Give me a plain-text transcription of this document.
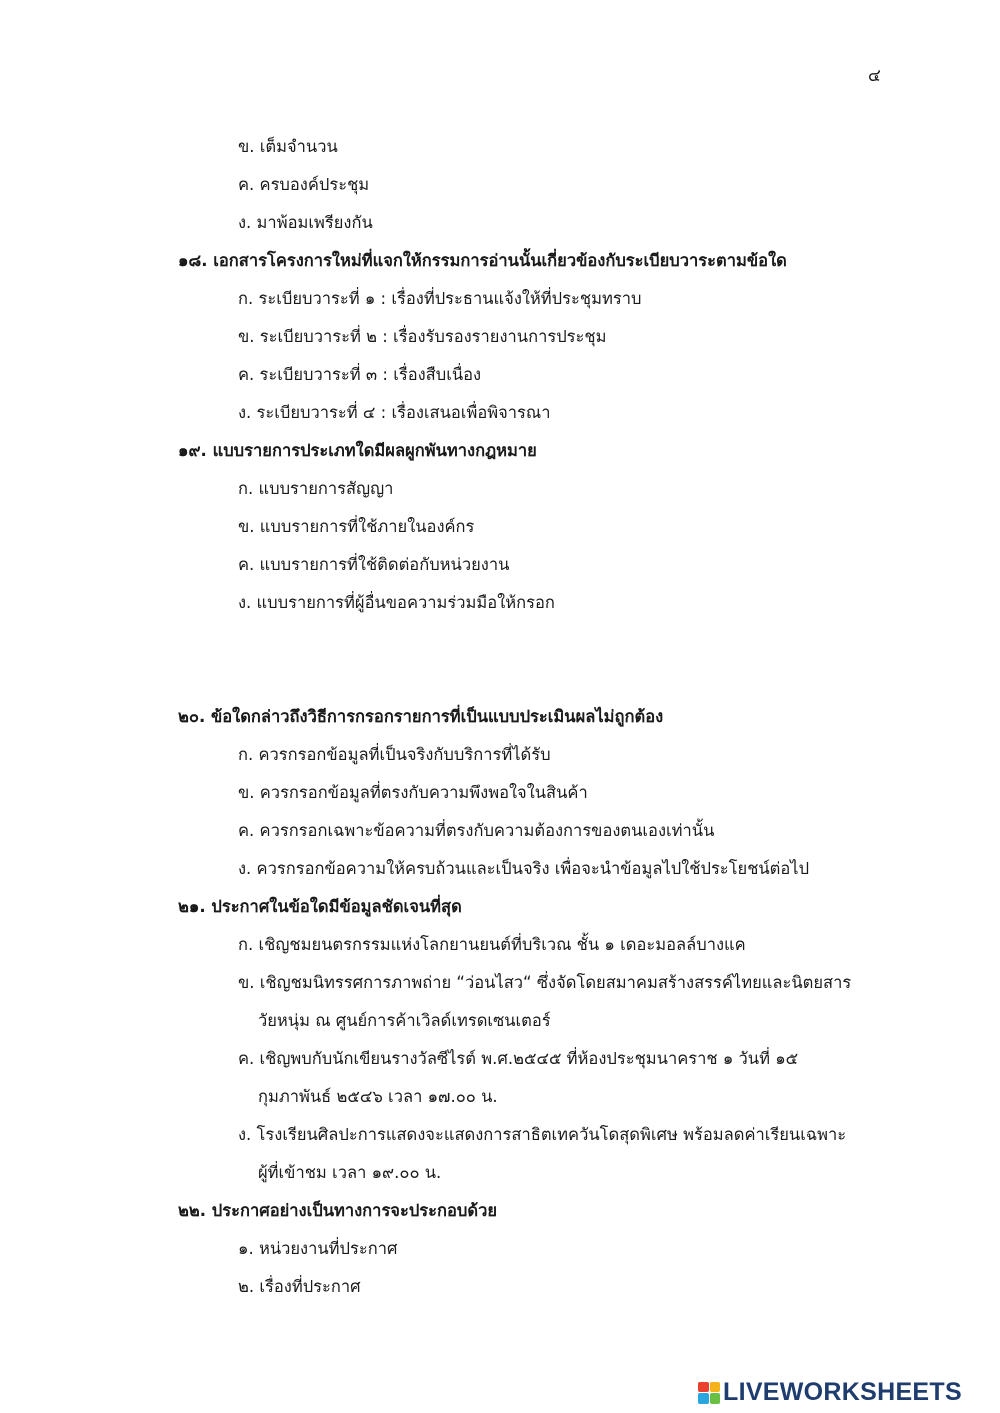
๔
ข. เต็มจำนวน
ค. ครบองค์ประชุม
ง. มาพ้อมเพรียงกัน
๑๘. เอกสารโครงการใหม่ที่แจกให้กรรมการอ่านนั้นเกี่ยวข้องกับระเบียบวาระตามข้อใด
ก. ระเบียบวาระที่ ๑ : เรื่องที่ประธานแจ้งให้ที่ประชุมทราบ
ข. ระเบียบวาระที่ ๒ : เรื่องรับรองรายงานการประชุม
ค. ระเบียบวาระที่ ๓ : เรื่องสืบเนื่อง
ง. ระเบียบวาระที่ ๔ : เรื่องเสนอเพื่อพิจารณา
๑๙. แบบรายการประเภทใดมีผลผูกพันทางกฎหมาย
ก. แบบรายการสัญญา
ข. แบบรายการที่ใช้ภายในองค์กร
ค. แบบรายการที่ใช้ติดต่อกับหน่วยงาน
ง. แบบรายการที่ผู้อื่นขอความร่วมมือให้กรอก
๒๐. ข้อใดกล่าวถึงวิธีการกรอกรายการที่เป็นแบบประเมินผลไม่ถูกต้อง
ก. ควรกรอกข้อมูลที่เป็นจริงกับบริการที่ได้รับ
ข. ควรกรอกข้อมูลที่ตรงกับความพึงพอใจในสินค้า
ค. ควรกรอกเฉพาะข้อความที่ตรงกับความต้องการของตนเองเท่านั้น
ง. ควรกรอกข้อความให้ครบถ้วนและเป็นจริง เพื่อจะนำข้อมูลไปใช้ประโยชน์ต่อไป
๒๑. ประกาศในข้อใดมีข้อมูลชัดเจนที่สุด
ก. เชิญชมยนตรกรรมแห่งโลกยานยนต์ที่บริเวณ ชั้น ๑ เดอะมอลล์บางแค
ข. เชิญชมนิทรรศการภาพถ่าย “ว่อนไสว“ ซึ่งจัดโดยสมาคมสร้างสรรค์ไทยและนิตยสาร
วัยหนุ่ม ณ ศูนย์การค้าเวิลด์เทรดเซนเตอร์
ค. เชิญพบกับนักเขียนรางวัลซีไรต์ พ.ศ.๒๕๔๕ ที่ห้องประชุมนาคราช ๑ วันที่ ๑๕
กุมภาพันธ์ ๒๕๔๖ เวลา ๑๗.๐๐ น.
ง. โรงเรียนศิลปะการแสดงจะแสดงการสาธิตเทควันโดสุดพิเศษ พร้อมลดค่าเรียนเฉพาะ
ผู้ที่เข้าชม เวลา ๑๙.๐๐ น.
๒๒. ประกาศอย่างเป็นทางการจะประกอบด้วย
๑. หน่วยงานที่ประกาศ
๒. เรื่องที่ประกาศ
LIVEWORKSHEETS
